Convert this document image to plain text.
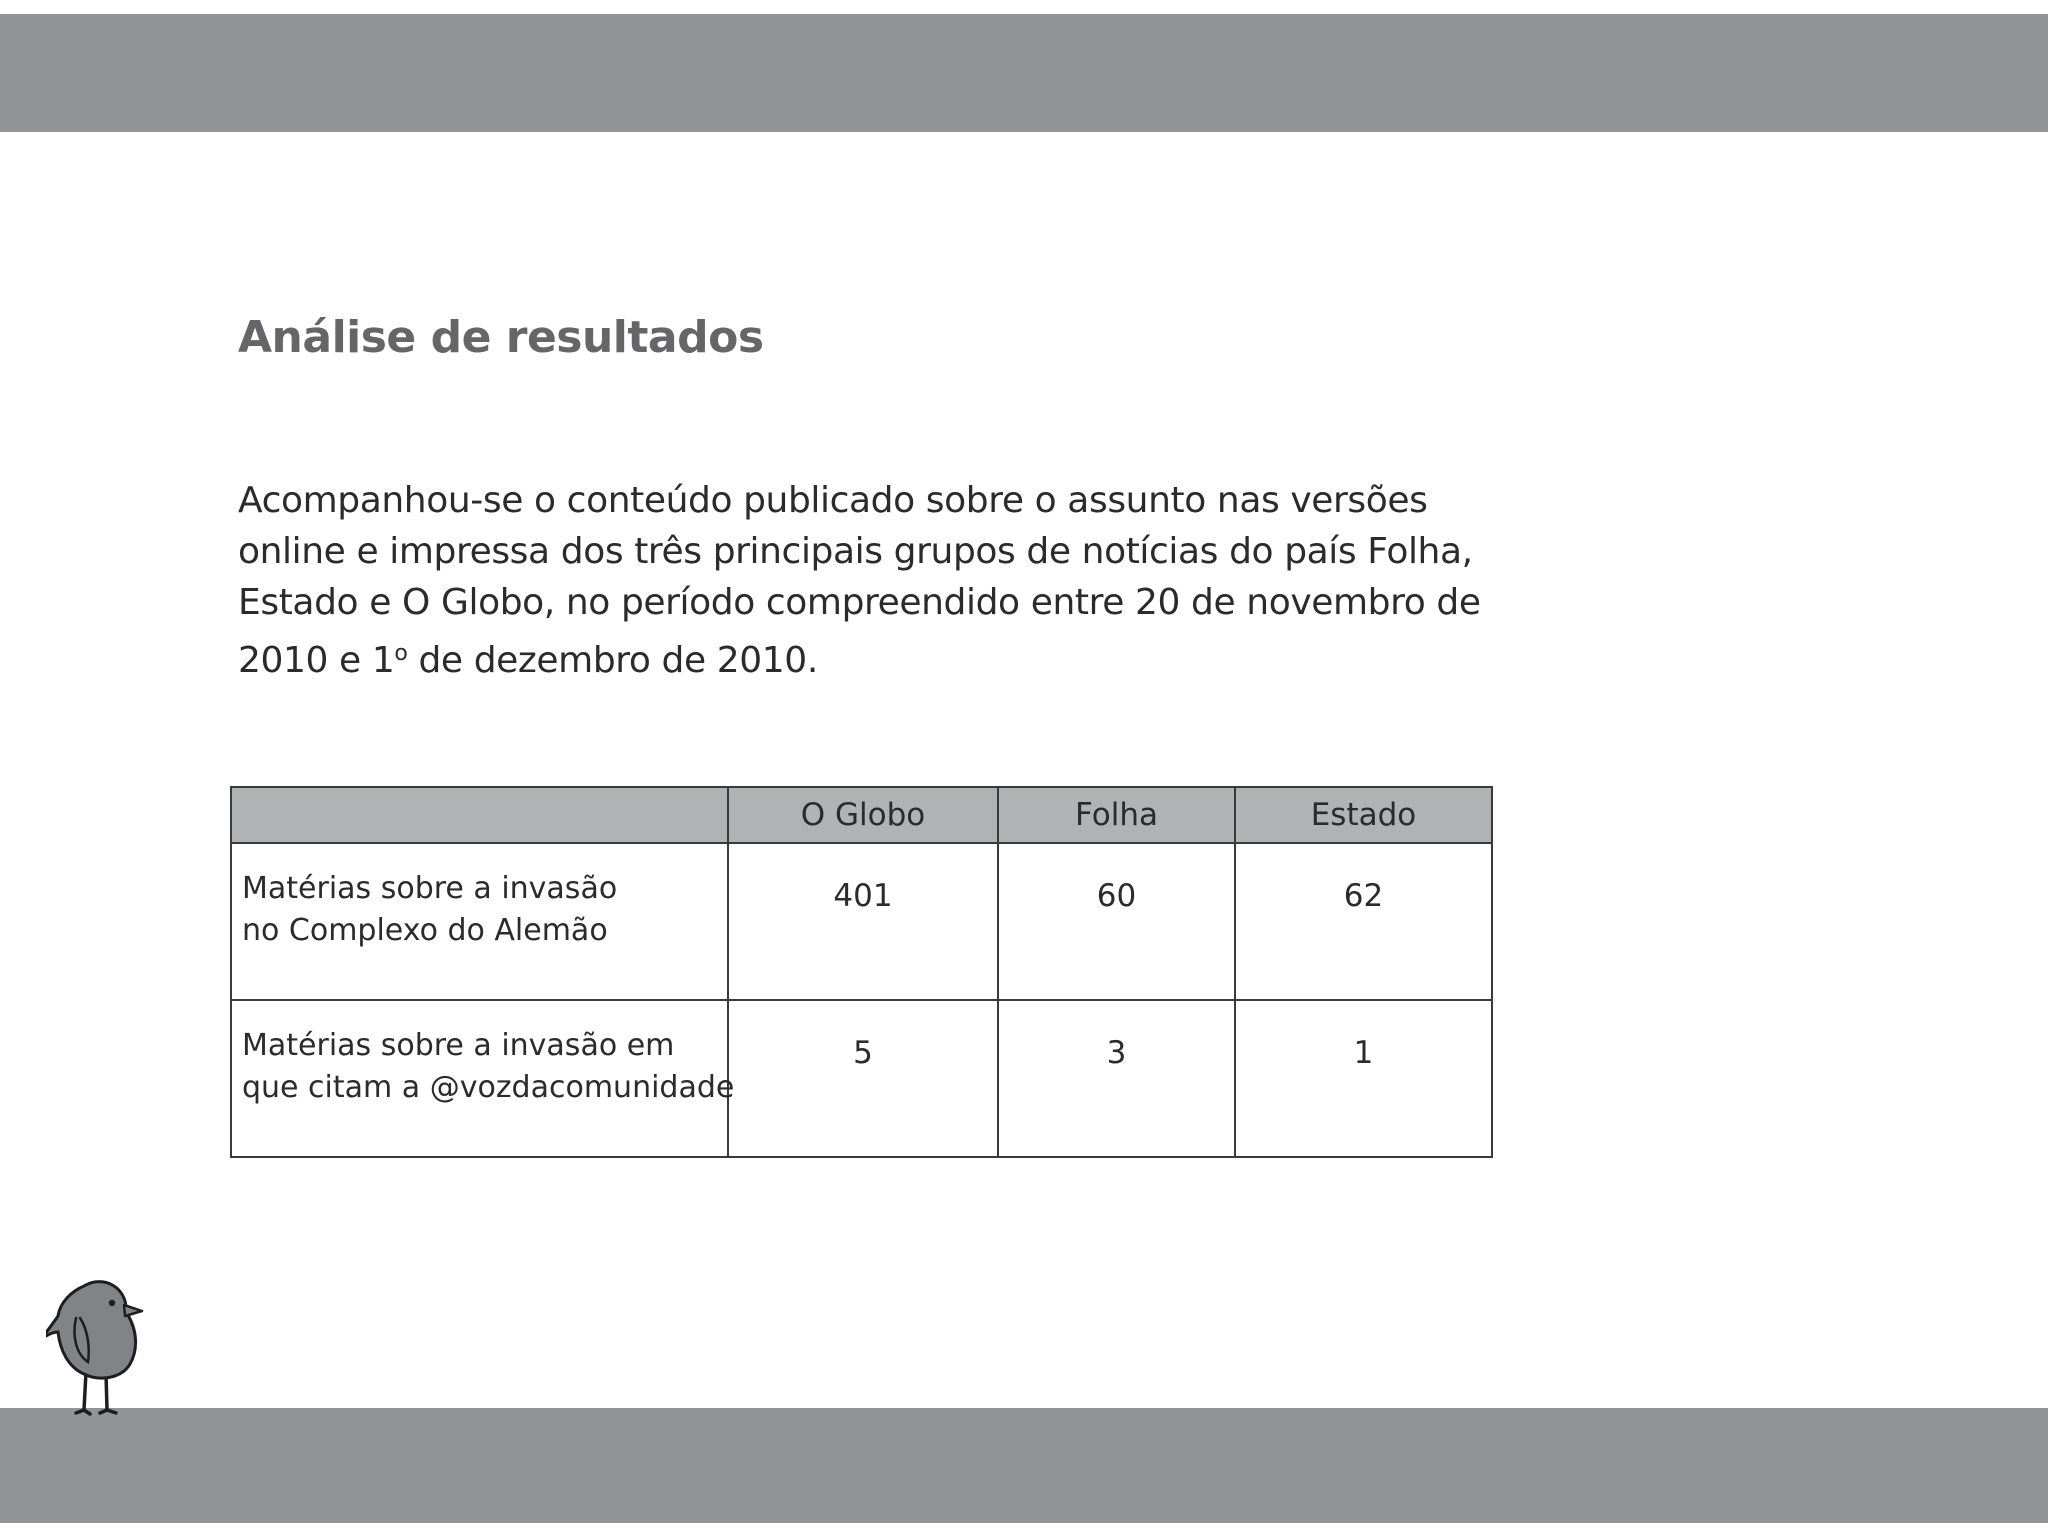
Análise de resultados

Acompanhou-se o conteúdo publicado sobre o assunto nas versões online e impressa dos três principais grupos de notícias do país Folha, Estado e O Globo, no período compreendido entre 20 de novembro de 2010 e 1$^o$ de dezembro de 2010.

	O Globo	Folha	Estado

Matérias sobre a invasão
no Complexo do Alemão	401	60	62

Matérias sobre a invasão em
que citam a @vozdacomunidade	5	3	1
